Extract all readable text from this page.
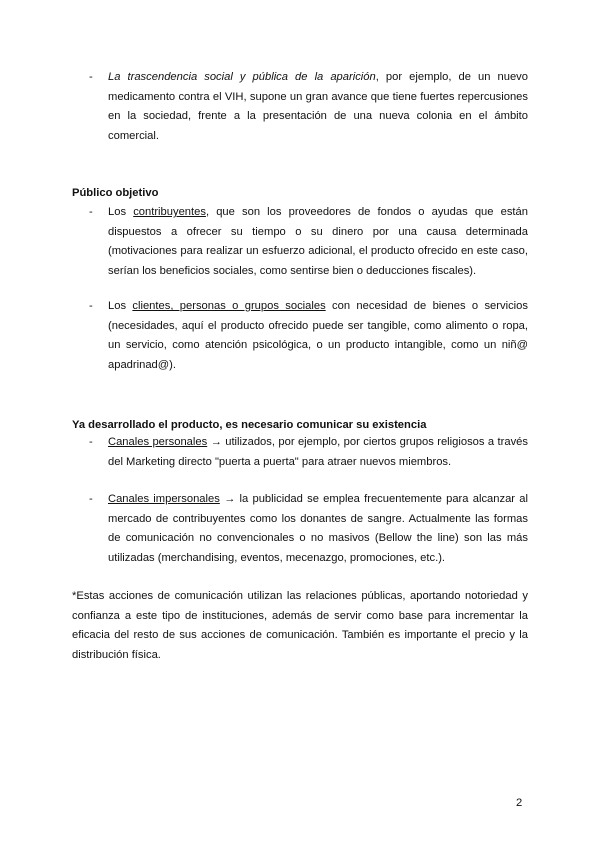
- La trascendencia social y pública de la aparición, por ejemplo, de un nuevo medicamento contra el VIH, supone un gran avance que tiene fuertes repercusiones en la sociedad, frente a la presentación de una nueva colonia en el ámbito comercial.

Público objetivo
- Los contribuyentes, que son los proveedores de fondos o ayudas que están dispuestos a ofrecer su tiempo o su dinero por una causa determinada (motivaciones para realizar un esfuerzo adicional, el producto ofrecido en este caso, serían los beneficios sociales, como sentirse bien o deducciones fiscales).

- Los clientes, personas o grupos sociales con necesidad de bienes o servicios (necesidades, aquí el producto ofrecido puede ser tangible, como alimento o ropa, un servicio, como atención psicológica, o un producto intangible, como un niñ@ apadrinad@).

Ya desarrollado el producto, es necesario comunicar su existencia
- Canales personales → utilizados, por ejemplo, por ciertos grupos religiosos a través del Marketing directo "puerta a puerta" para atraer nuevos miembros.

- Canales impersonales → la publicidad se emplea frecuentemente para alcanzar al mercado de contribuyentes como los donantes de sangre. Actualmente las formas de comunicación no convencionales o no masivos (Bellow the line) son las más utilizadas (merchandising, eventos, mecenazgo, promociones, etc.).

*Estas acciones de comunicación utilizan las relaciones públicas, aportando notoriedad y confianza a este tipo de instituciones, además de servir como base para incrementar la eficacia del resto de sus acciones de comunicación. También es importante el precio y la distribución física.

2
